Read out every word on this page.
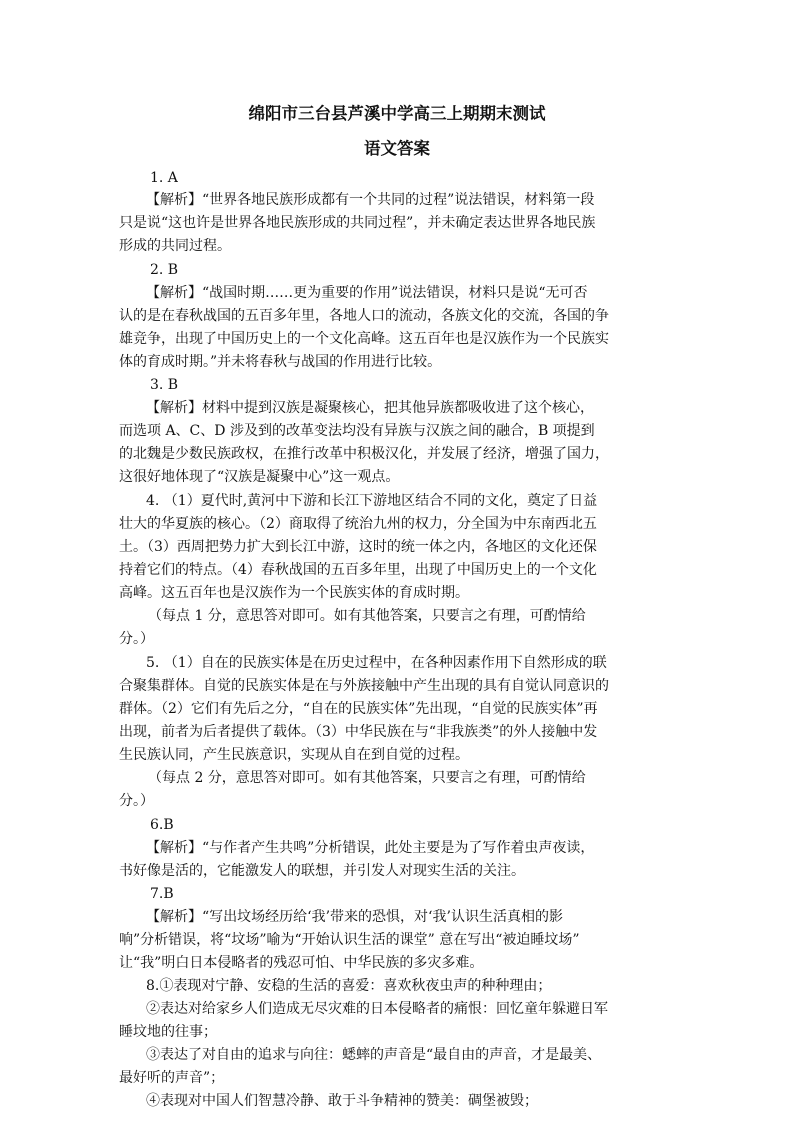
绵阳市三台县芦溪中学高三上期期末测试
语文答案
1. A
【解析】“世界各地民族形成都有一个共同的过程”说法错误，材料第一段
只是说“这也许是世界各地民族形成的共同过程”，并未确定表达世界各地民族
形成的共同过程。
2. B
【解析】“战国时期……更为重要的作用”说法错误，材料只是说“无可否
认的是在春秋战国的五百多年里，各地人口的流动，各族文化的交流，各国的争
雄竞争，出现了中国历史上的一个文化高峰。这五百年也是汉族作为一个民族实
体的育成时期。”并未将春秋与战国的作用进行比较。
3. B
【解析】材料中提到汉族是凝聚核心，把其他异族都吸收进了这个核心，
而选项 A、C、D 涉及到的改革变法均没有异族与汉族之间的融合，B 项提到
的北魏是少数民族政权，在推行改革中积极汉化，并发展了经济，增强了国力，
这很好地体现了“汉族是凝聚中心”这一观点。
4. （1）夏代时,黄河中下游和长江下游地区结合不同的文化，奠定了日益
壮大的华夏族的核心。（2）商取得了统治九州的权力，分全国为中东南西北五
土。（3）西周把势力扩大到长江中游，这时的统一体之内，各地区的文化还保
持着它们的特点。（4）春秋战国的五百多年里，出现了中国历史上的一个文化
高峰。这五百年也是汉族作为一个民族实体的育成时期。
（每点 1 分，意思答对即可。如有其他答案，只要言之有理，可酌情给
分。）
5. （1）自在的民族实体是在历史过程中，在各种因素作用下自然形成的联
合聚集群体。自觉的民族实体是在与外族接触中产生出现的具有自觉认同意识的
群体。（2）它们有先后之分，“自在的民族实体”先出现，“自觉的民族实体”再
出现，前者为后者提供了载体。（3）中华民族在与“非我族类”的外人接触中发
生民族认同，产生民族意识，实现从自在到自觉的过程。
（每点 2 分，意思答对即可。如有其他答案，只要言之有理，可酌情给
分。）
6.B
【解析】“与作者产生共鸣”分析错误，此处主要是为了写作着虫声夜读，
书好像是活的，它能激发人的联想，并引发人对现实生活的关注。
7.B
【解析】“写出坟场经历给‘我’带来的恐惧，对‘我’认识生活真相的影
响”分析错误，将“坟场”喻为“开始认识生活的课堂” 意在写出“被迫睡坟场”
让“我”明白日本侵略者的残忍可怕、中华民族的多灾多难。
8.①表现对宁静、安稳的生活的喜爱：喜欢秋夜虫声的种种理由；
②表达对给家乡人们造成无尽灾难的日本侵略者的痛恨：回忆童年躲避日军
睡坟地的往事；
③表达了对自由的追求与向往：蟋蟀的声音是“最自由的声音，才是最美、
最好听的声音”；
④表现对中国人们智慧冷静、敢于斗争精神的赞美：碉堡被毁；
